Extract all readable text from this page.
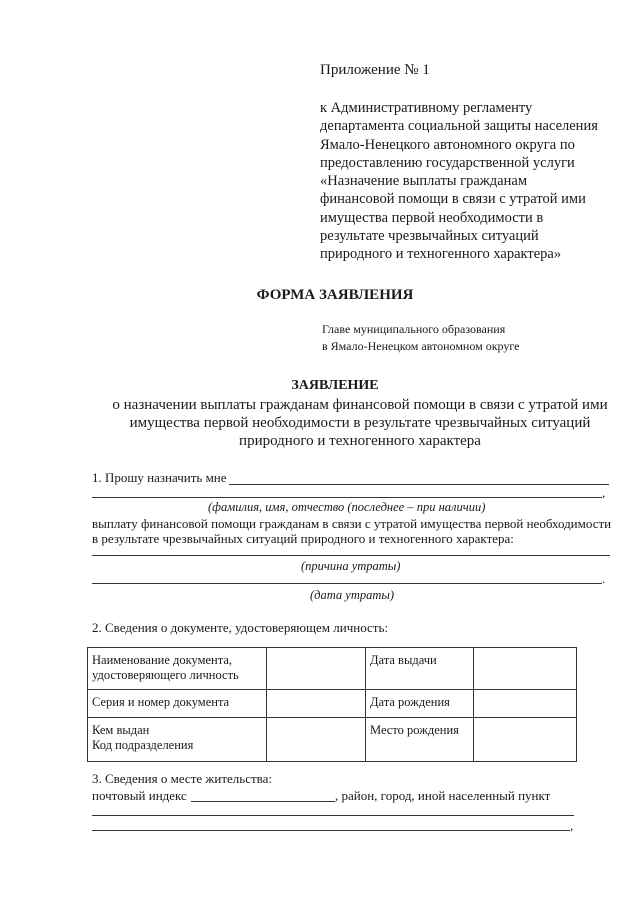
Приложение № 1
к Административному регламенту
департамента социальной защиты населения
Ямало-Ненецкого автономного округа по
предоставлению государственной услуги
«Назначение выплаты гражданам
финансовой помощи в связи с утратой ими
имущества первой необходимости в
результате чрезвычайных ситуаций
природного и техногенного характера»
ФОРМА ЗАЯВЛЕНИЯ
Главе муниципального образования
в Ямало-Ненецком автономном округе
ЗАЯВЛЕНИЕ
о назначении выплаты гражданам финансовой помощи в связи с утратой ими
имущества первой необходимости в результате чрезвычайных ситуаций
природного и техногенного характера
1. Прошу назначить мне
,
(фамилия, имя, отчество (последнее – при наличии)
выплату финансовой помощи гражданам в связи с утратой имущества первой необходимости
в результате чрезвычайных ситуаций природного и техногенного характера:
(причина утраты)
.
(дата утраты)
2. Сведения о документе, удостоверяющем личность:
Наименование документа,
удостоверяющего личность		Дата выдачи	
Серия и номер документа		Дата рождения	

Кем выдан
Код подразделения		Место рождения	
3. Сведения о месте жительства:
почтовый индекс	, район, город, иной населенный пункт
,
